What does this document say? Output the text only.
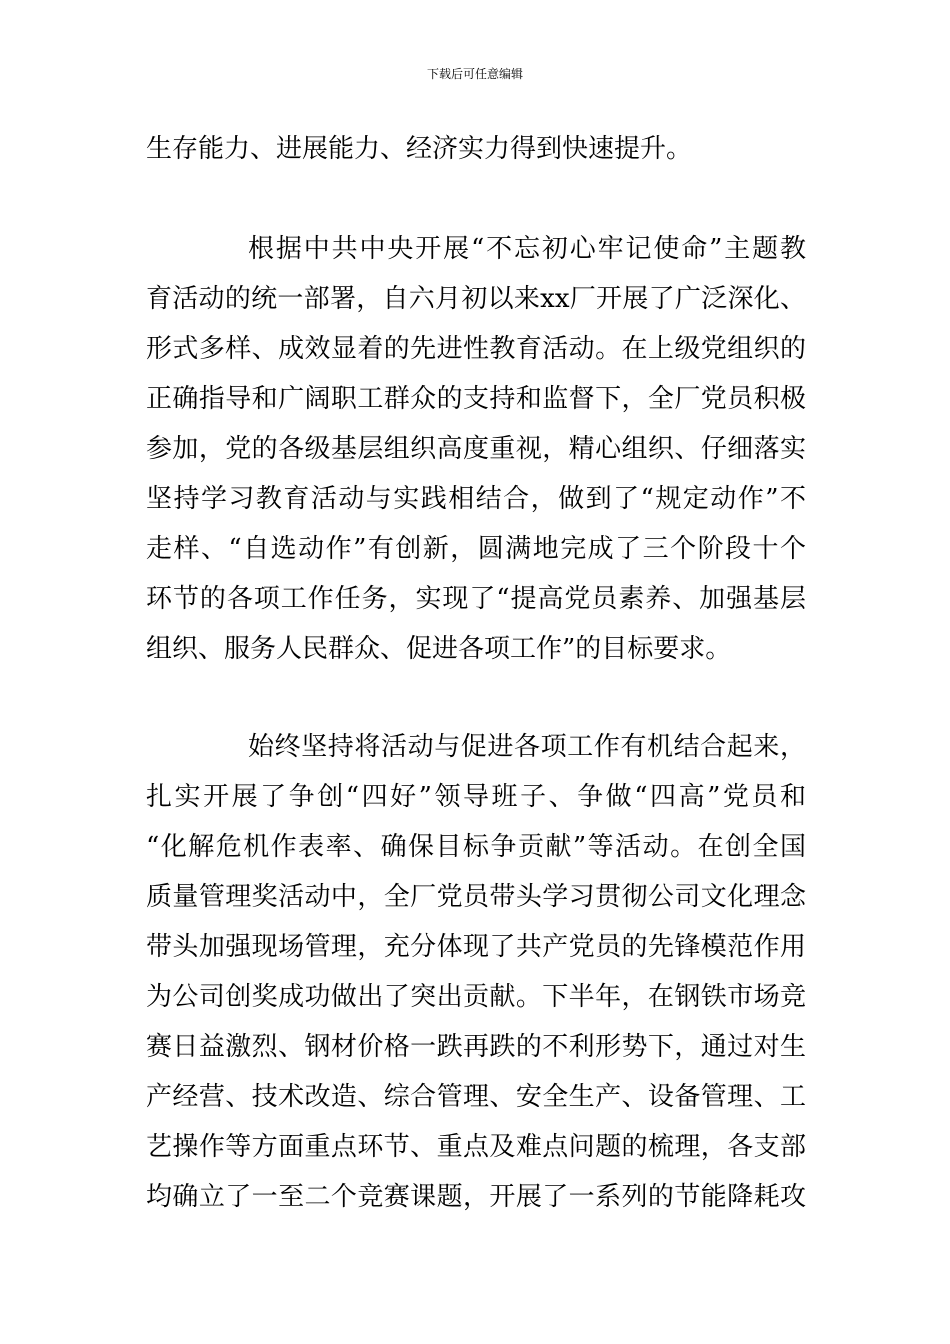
下载后可任意编辑
生存能力、进展能力、经济实力得到快速提升。
根据中共中央开展“不忘初心牢记使命”主题教
育活动的统一部署，自六月初以来xx厂开展了广泛深化、
形式多样、成效显着的先进性教育活动。在上级党组织的
正确指导和广阔职工群众的支持和监督下，全厂党员积极
参加，党的各级基层组织高度重视，精心组织、仔细落实
坚持学习教育活动与实践相结合，做到了“规定动作”不
走样、“自选动作”有创新，圆满地完成了三个阶段十个
环节的各项工作任务，实现了“提高党员素养、加强基层
组织、服务人民群众、促进各项工作”的目标要求。
始终坚持将活动与促进各项工作有机结合起来，
扎实开展了争创“四好”领导班子、争做“四高”党员和
“化解危机作表率、确保目标争贡献”等活动。在创全国
质量管理奖活动中，全厂党员带头学习贯彻公司文化理念
带头加强现场管理，充分体现了共产党员的先锋模范作用
为公司创奖成功做出了突出贡献。下半年，在钢铁市场竞
赛日益激烈、钢材价格一跌再跌的不利形势下，通过对生
产经营、技术改造、综合管理、安全生产、设备管理、工
艺操作等方面重点环节、重点及难点问题的梳理，各支部
均确立了一至二个竞赛课题，开展了一系列的节能降耗攻
